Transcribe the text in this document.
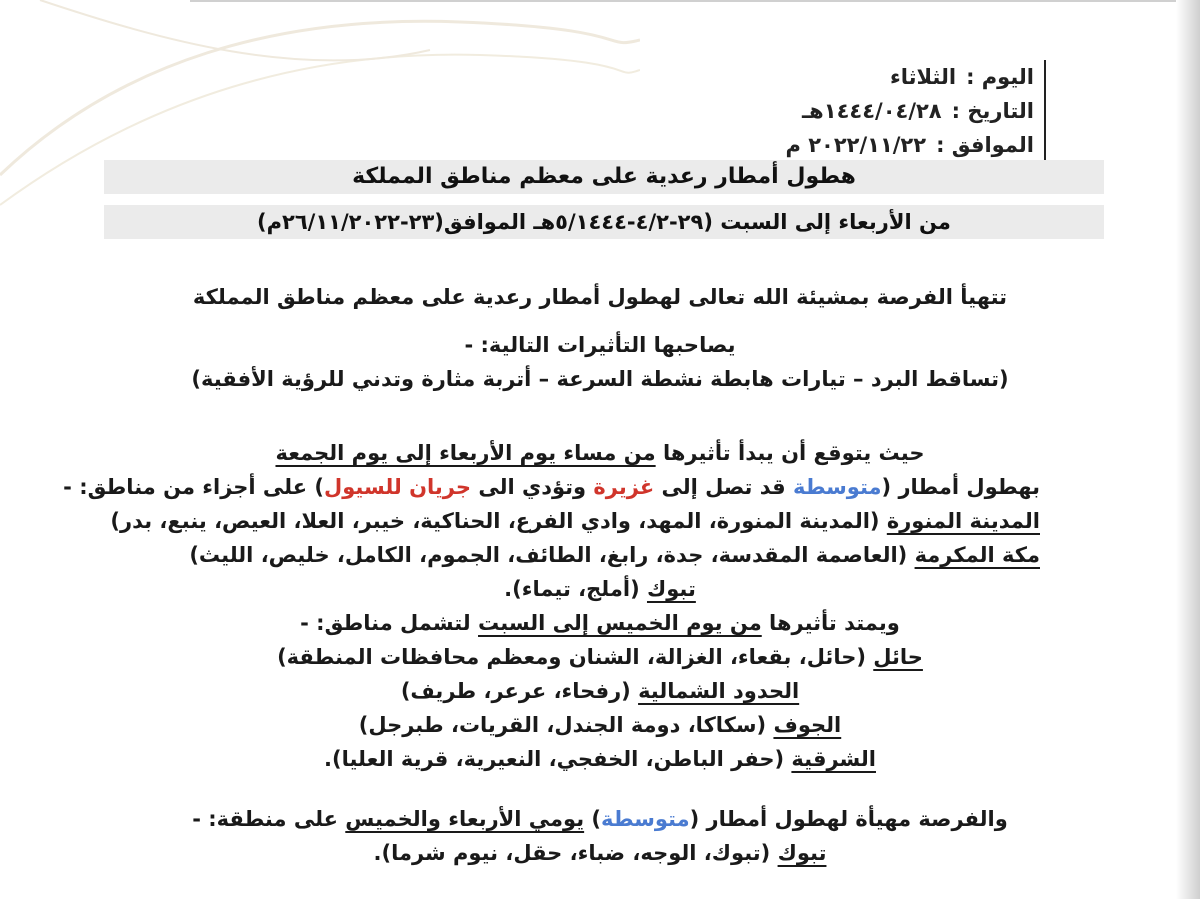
اليوم :الثلاثاء
التاريخ :١٤٤٤/٠٤/٢٨هـ
الموافق :٢٠٢٢/١١/٢٢ م
هطول أمطار رعدية على معظم مناطق المملكة
من الأربعاء إلى السبت (٢٩-٤/٢-٥/١٤٤٤هـ الموافق(٢٣-٢٦/١١/٢٠٢٢م)
تتهيأ الفرصة بمشيئة الله تعالى لهطول أمطار رعدية على معظم مناطق المملكة
يصاحبها التأثيرات التالية: -
(تساقط البرد – تيارات هابطة نشطة السرعة – أتربة مثارة وتدني للرؤية الأفقية)
حيث يتوقع أن يبدأ تأثيرها من مساء يوم الأربعاء إلى يوم الجمعة
بهطول أمطار (متوسطة قد تصل إلى غزيرة وتؤدي الى جريان للسيول) على أجزاء من مناطق: -
المدينة المنورة (المدينة المنورة، المهد، وادي الفرع، الحناكية، خيبر، العلا، العيص، ينبع، بدر)
مكة المكرمة (العاصمة المقدسة، جدة، رابغ، الطائف، الجموم، الكامل، خليص، الليث)
تبوك (أملج، تيماء).
ويمتد تأثيرها من يوم الخميس إلى السبت لتشمل مناطق: -
حائل (حائل، بقعاء، الغزالة، الشنان ومعظم محافظات المنطقة)
الحدود الشمالية (رفحاء، عرعر، طريف)
الجوف (سكاكا، دومة الجندل، القريات، طبرجل)
الشرقية (حفر الباطن، الخفجي، النعيرية، قرية العليا).
والفرصة مهيأة لهطول أمطار (متوسطة) يومي الأربعاء والخميس على منطقة: -
تبوك (تبوك، الوجه، ضباء، حقل، نيوم شرما).
